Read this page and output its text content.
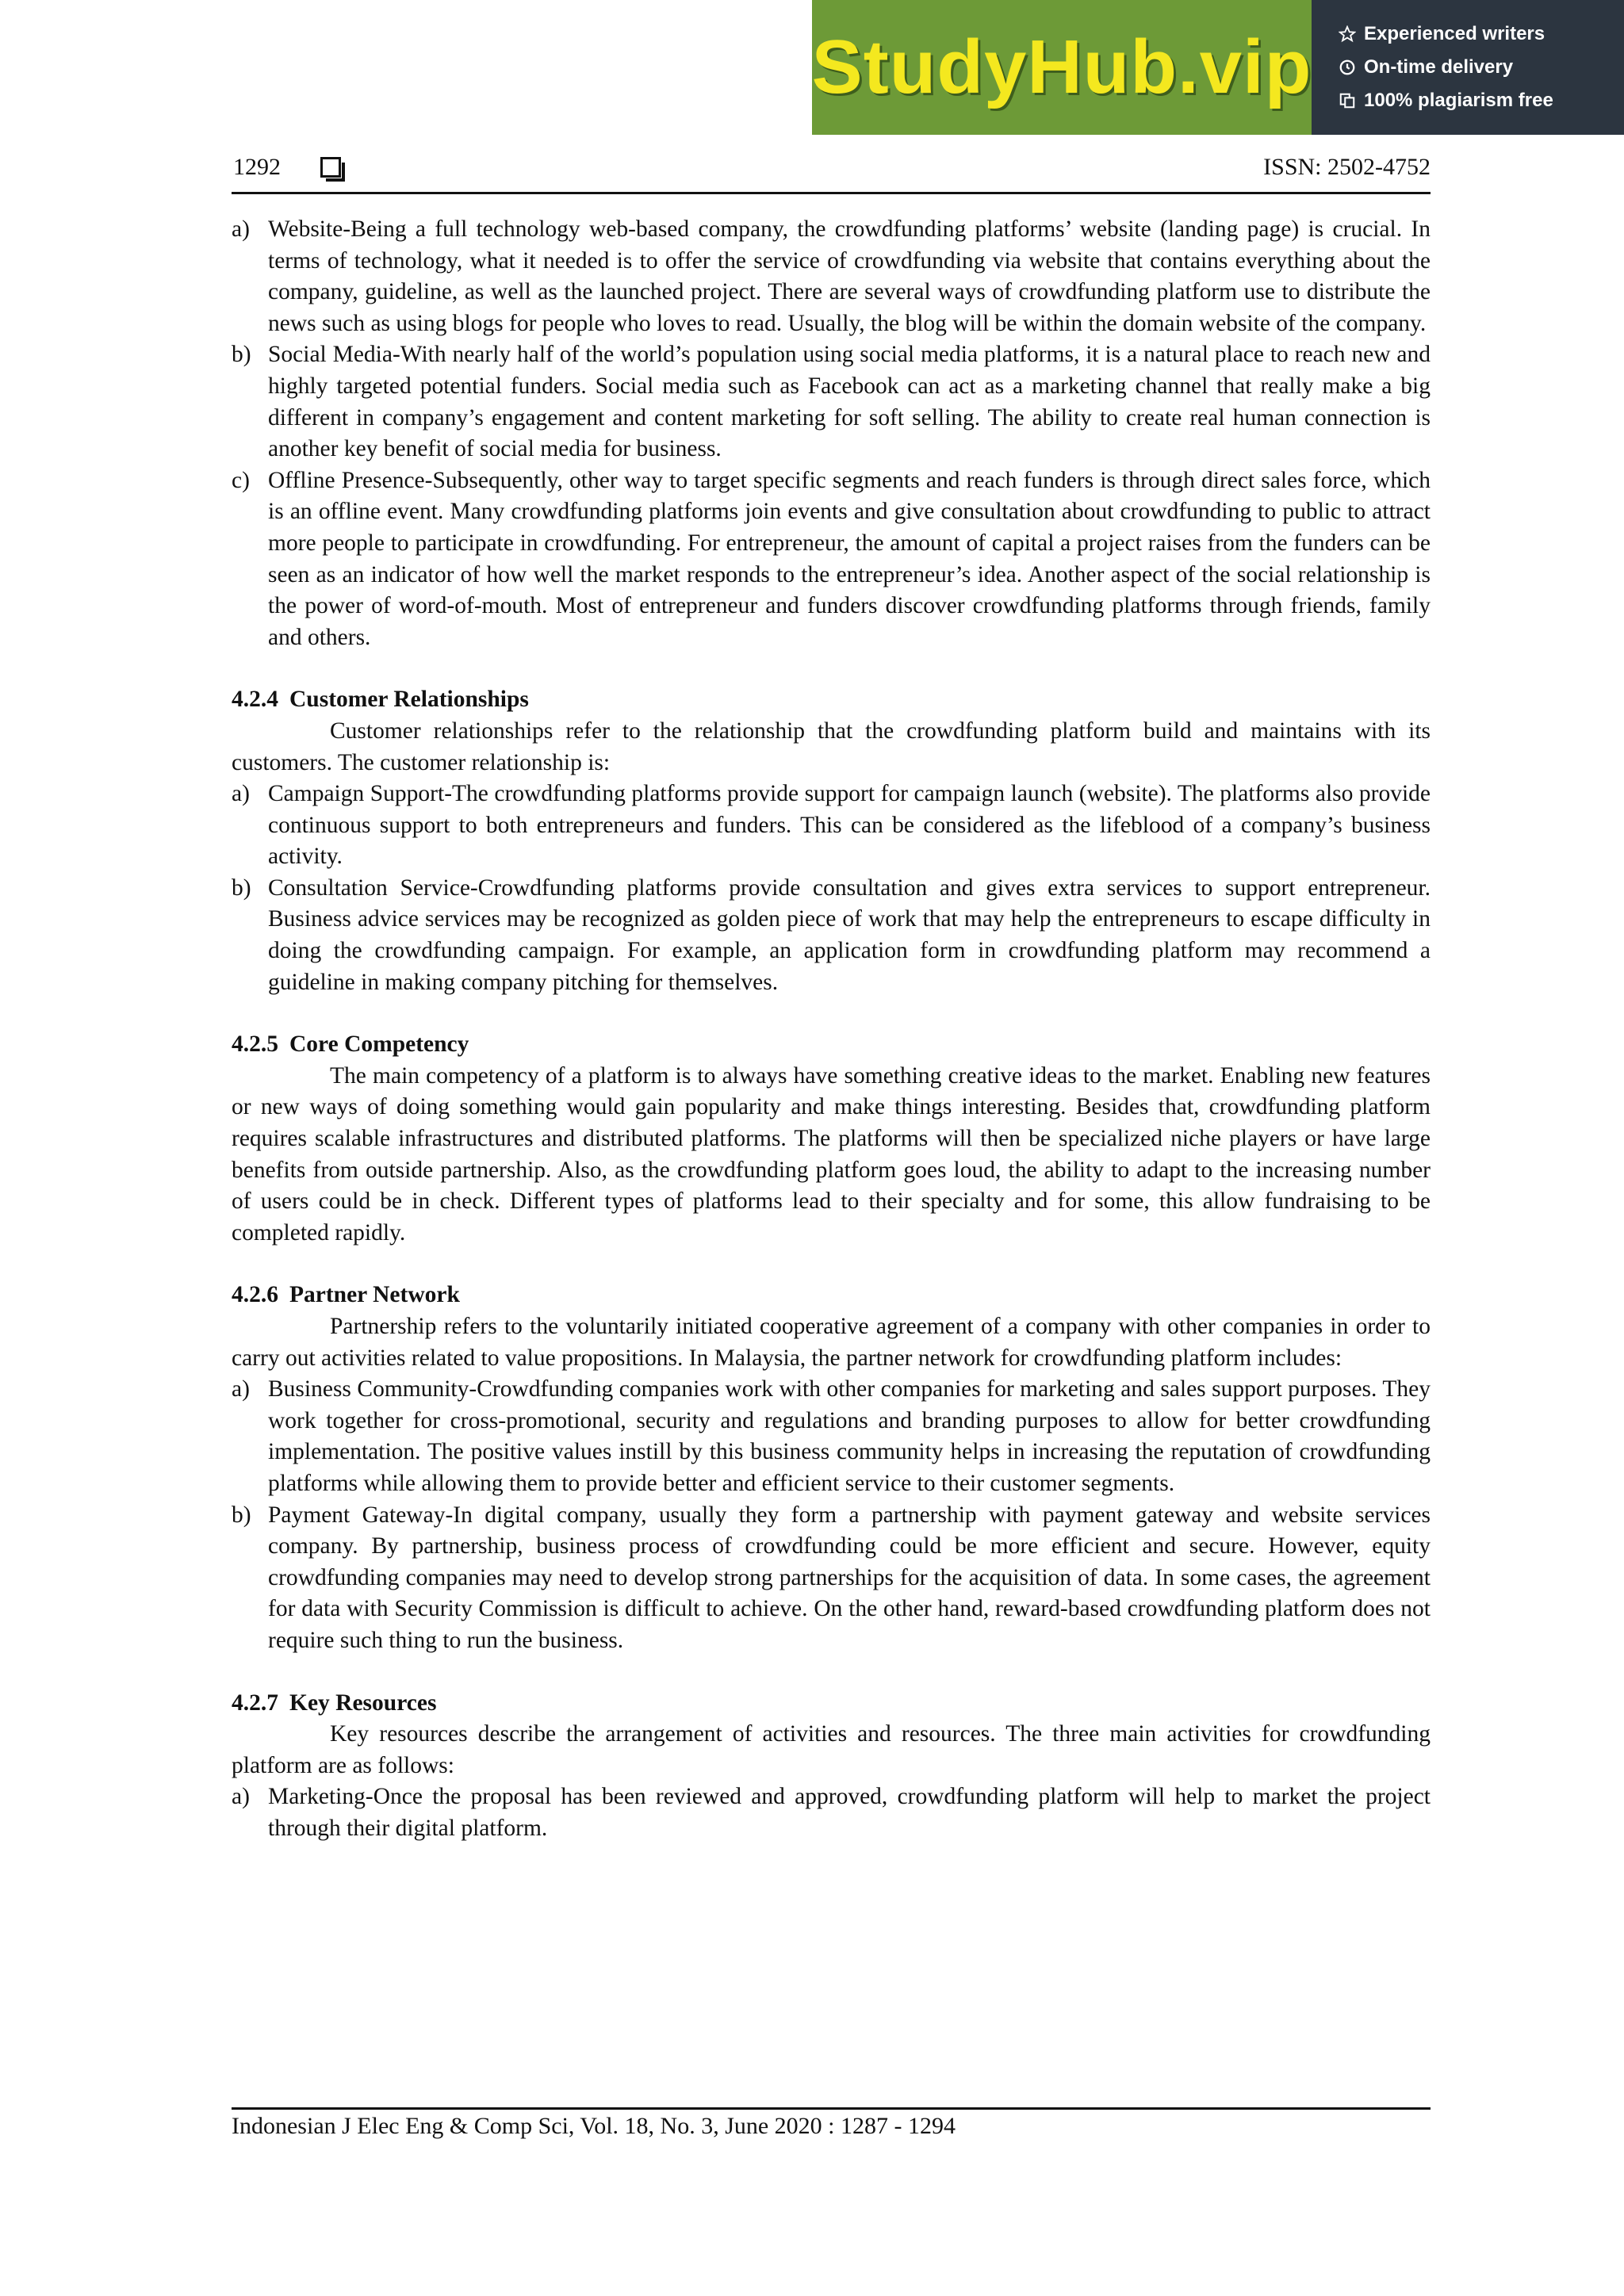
StudyHub.vip	Experienced writers
On-time delivery
100% plagiarism free
1292	ISSN: 2502-4752
a) Website-Being a full technology web-based company, the crowdfunding platforms’ website (landing page) is crucial. In terms of technology, what it needed is to offer the service of crowdfunding via website that contains everything about the company, guideline, as well as the launched project. There are several ways of crowdfunding platform use to distribute the news such as using blogs for people who loves to read. Usually, the blog will be within the domain website of the company.
b) Social Media-With nearly half of the world’s population using social media platforms, it is a natural place to reach new and highly targeted potential funders. Social media such as Facebook can act as a marketing channel that really make a big different in company’s engagement and content marketing for soft selling. The ability to create real human connection is another key benefit of social media for business.
c) Offline Presence-Subsequently, other way to target specific segments and reach funders is through direct sales force, which is an offline event. Many crowdfunding platforms join events and give consultation about crowdfunding to public to attract more people to participate in crowdfunding. For entrepreneur, the amount of capital a project raises from the funders can be seen as an indicator of how well the market responds to the entrepreneur’s idea. Another aspect of the social relationship is the power of word-of-mouth. Most of entrepreneur and funders discover crowdfunding platforms through friends, family and others.

4.2.4 Customer Relationships

Customer relationships refer to the relationship that the crowdfunding platform build and maintains with its customers. The customer relationship is:

a) Campaign Support-The crowdfunding platforms provide support for campaign launch (website). The platforms also provide continuous support to both entrepreneurs and funders. This can be considered as the lifeblood of a company’s business activity.
b) Consultation Service-Crowdfunding platforms provide consultation and gives extra services to support entrepreneur. Business advice services may be recognized as golden piece of work that may help the entrepreneurs to escape difficulty in doing the crowdfunding campaign. For example, an application form in crowdfunding platform may recommend a guideline in making company pitching for themselves.

4.2.5 Core Competency

The main competency of a platform is to always have something creative ideas to the market. Enabling new features or new ways of doing something would gain popularity and make things interesting. Besides that, crowdfunding platform requires scalable infrastructures and distributed platforms. The platforms will then be specialized niche players or have large benefits from outside partnership. Also, as the crowdfunding platform goes loud, the ability to adapt to the increasing number of users could be in check. Different types of platforms lead to their specialty and for some, this allow fundraising to be completed rapidly.

4.2.6 Partner Network

Partnership refers to the voluntarily initiated cooperative agreement of a company with other companies in order to carry out activities related to value propositions. In Malaysia, the partner network for crowdfunding platform includes:

a) Business Community-Crowdfunding companies work with other companies for marketing and sales support purposes. They work together for cross-promotional, security and regulations and branding purposes to allow for better crowdfunding implementation. The positive values instill by this business community helps in increasing the reputation of crowdfunding platforms while allowing them to provide better and efficient service to their customer segments.
b) Payment Gateway-In digital company, usually they form a partnership with payment gateway and website services company. By partnership, business process of crowdfunding could be more efficient and secure. However, equity crowdfunding companies may need to develop strong partnerships for the acquisition of data. In some cases, the agreement for data with Security Commission is difficult to achieve. On the other hand, reward-based crowdfunding platform does not require such thing to run the business.

4.2.7 Key Resources

Key resources describe the arrangement of activities and resources. The three main activities for crowdfunding platform are as follows:

a) Marketing-Once the proposal has been reviewed and approved, crowdfunding platform will help to market the project through their digital platform.
Indonesian J Elec Eng & Comp Sci, Vol. 18, No. 3, June 2020 : 1287 - 1294
